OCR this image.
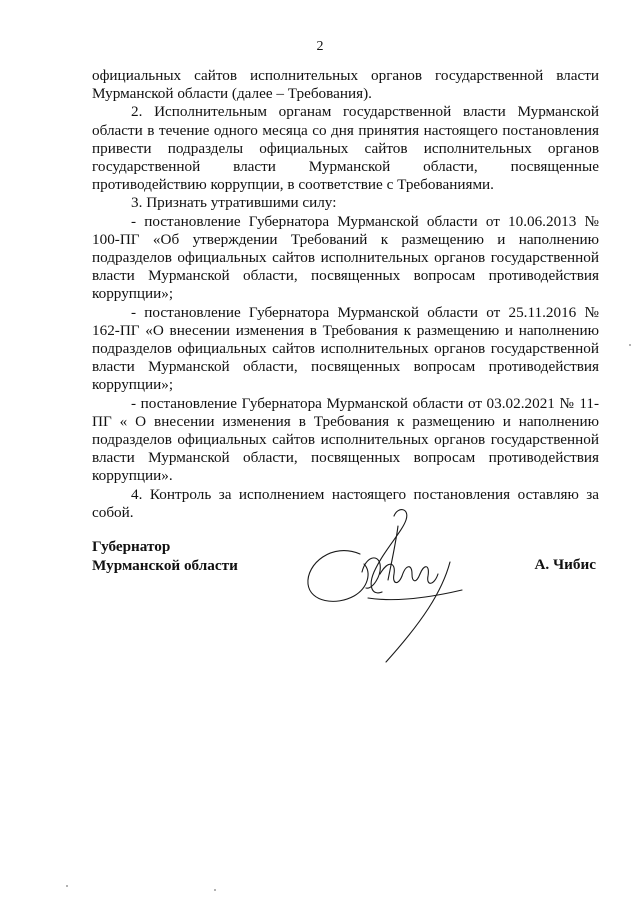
2

официальных сайтов исполнительных органов государственной власти Мурманской области (далее – Требования).

2. Исполнительным органам государственной власти Мурманской области в течение одного месяца со дня принятия настоящего постановления привести подразделы официальных сайтов исполнительных органов государственной власти Мурманской области, посвященные противодействию коррупции, в соответствие с Требованиями.

3. Признать утратившими силу:

- постановление Губернатора Мурманской области от 10.06.2013 № 100-ПГ «Об утверждении Требований к размещению и наполнению подразделов официальных сайтов исполнительных органов государственной власти Мурманской области, посвященных вопросам противодействия коррупции»;

- постановление Губернатора Мурманской области от 25.11.2016 № 162-ПГ «О внесении изменения в Требования к размещению и наполнению подразделов официальных сайтов исполнительных органов государственной власти Мурманской области, посвященных вопросам противодействия коррупции»;

- постановление Губернатора Мурманской области от 03.02.2021 № 11-ПГ « О внесении изменения в Требования к размещению и наполнению подразделов официальных сайтов исполнительных органов государственной власти Мурманской области, посвященных вопросам противодействия коррупции».

4. Контроль за исполнением настоящего постановления оставляю за собой.

Губернатор
Мурманской области	А. Чибис
